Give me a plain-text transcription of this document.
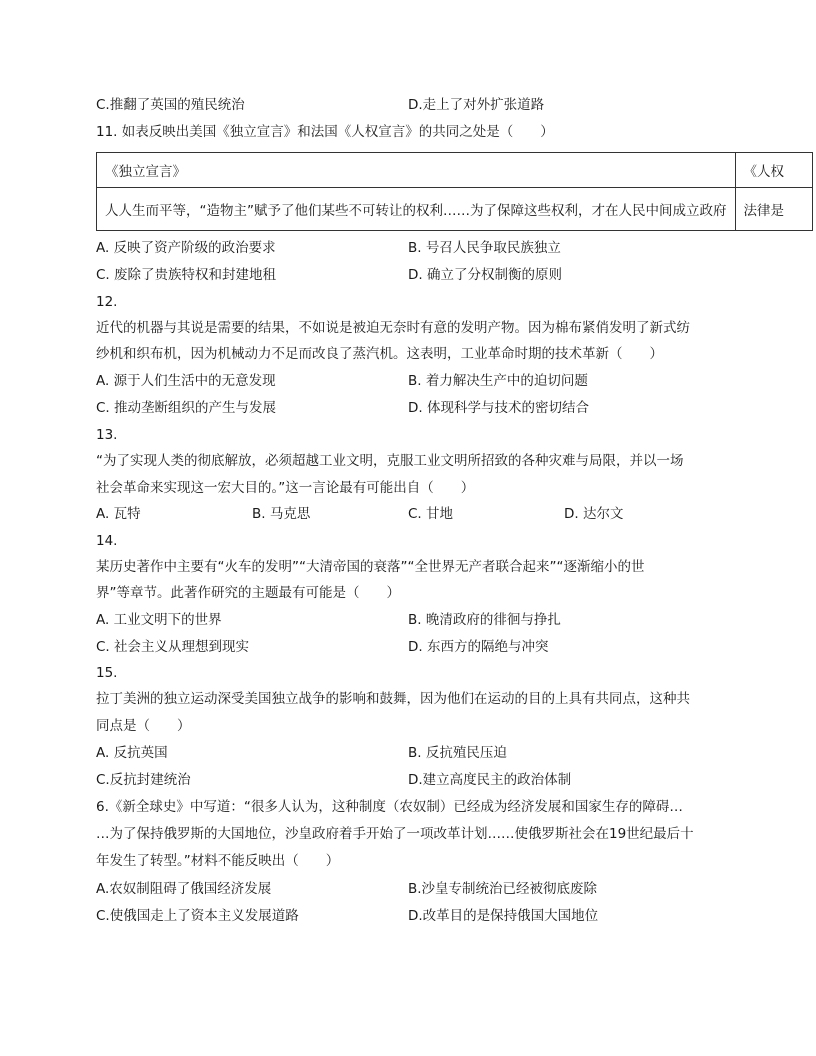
C.推翻了英国的殖民统治	D.走上了对外扩张道路
11. 如表反映出美国《独立宣言》和法国《人权宣言》的共同之处是（　　）
《独立宣言》	《人权
人人生而平等，“造物主”赋予了他们某些不可转让的权利……为了保障这些权利，才在人民中间成立政府	法律是
A. 反映了资产阶级的政治要求	B. 号召人民争取民族独立
C. 废除了贵族特权和封建地租	D. 确立了分权制衡的原则
12.
近代的机器与其说是需要的结果，不如说是被迫无奈时有意的发明产物。因为棉布紧俏发明了新式纺
纱机和织布机，因为机械动力不足而改良了蒸汽机。这表明，工业革命时期的技术革新（　　）
A. 源于人们生活中的无意发现	B. 着力解决生产中的迫切问题
C. 推动垄断组织的产生与发展	D. 体现科学与技术的密切结合
13.
“为了实现人类的彻底解放，必须超越工业文明，克服工业文明所招致的各种灾难与局限，并以一场
社会革命来实现这一宏大目的。”这一言论最有可能出自（　　）
A. 瓦特	B. 马克思	C. 甘地	D. 达尔文
14.
某历史著作中主要有“火车的发明”“大清帝国的衰落”“全世界无产者联合起来”“逐渐缩小的世
界”等章节。此著作研究的主题最有可能是（　　）
A. 工业文明下的世界	B. 晚清政府的徘徊与挣扎
C. 社会主义从理想到现实	D. 东西方的隔绝与冲突
15.
拉丁美洲的独立运动深受美国独立战争的影响和鼓舞，因为他们在运动的目的上具有共同点，这种共
同点是（　　）
A. 反抗英国	B. 反抗殖民压迫
C.反抗封建统治	D.建立高度民主的政治体制
6.《新全球史》中写道：“很多人认为，这种制度（农奴制）已经成为经济发展和国家生存的障碍…
…为了保持俄罗斯的大国地位，沙皇政府着手开始了一项改革计划……使俄罗斯社会在19世纪最后十
年发生了转型。”材料不能反映出（　　）
A.农奴制阻碍了俄国经济发展	B.沙皇专制统治已经被彻底废除
C.使俄国走上了资本主义发展道路	D.改革目的是保持俄国大国地位
